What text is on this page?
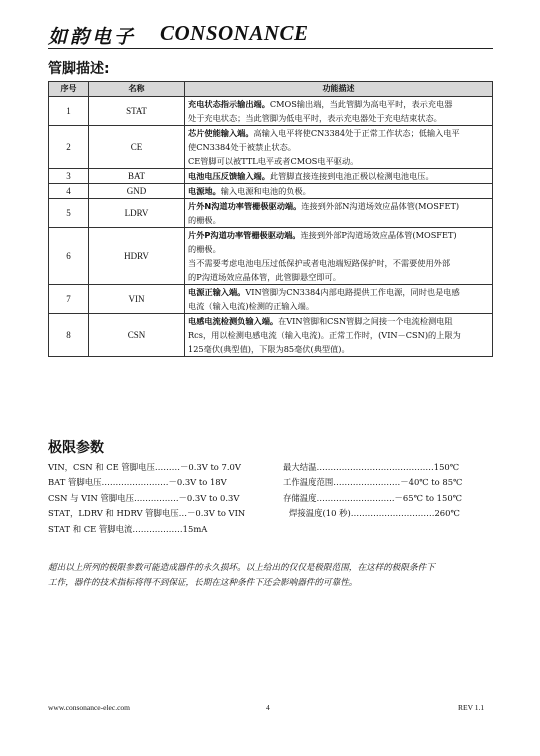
如韵电子 CONSONANCE
管脚描述:
序号	名称	功能描述
1	STAT	充电状态指示输出端。CMOS输出端，当此管脚为高电平时，表示充电器
处于充电状态；当此管脚为低电平时，表示充电器处于充电结束状态。

2	CE	芯片使能输入端。高输入电平将使CN3384处于正常工作状态；低输入电平
使CN3384处于被禁止状态。
CE管脚可以被TTL电平或者CMOS电平驱动。

3	BAT	电池电压反馈输入端。此管脚直接连接到电池正极以检测电池电压。

4	GND	电源地。输入电源和电池的负极。

5	LDRV	片外N沟道功率管栅极驱动端。连接到外部N沟道场效应晶体管(MOSFET)
的栅极。

6	HDRV	片外P沟道功率管栅极驱动端。连接到外部P沟道场效应晶体管(MOSFET)
的栅极。
当不需要考虑电池电压过低保护或者电池端短路保护时，不需要使用外部
的P沟道场效应晶体管，此管脚悬空即可。

7	VIN	电源正输入端。VIN管脚为CN3384内部电路提供工作电源，同时也是电感
电流（输入电流)检测的正输入端。

8	CSN	电感电流检测负输入端。在VIN管脚和CSN管脚之间接一个电流检测电阻
Rcs，用以检测电感电流（输入电流)。正常工作时，(VIN－CSN)的上限为
125毫伏(典型值)，下限为85毫伏(典型值)。
极限参数
VIN，CSN 和 CE 管脚电压………－0.3V to 7.0V
BAT 管脚电压……………………－0.3V to 18V
CSN 与 VIN 管脚电压…………….－0.3V to 0.3V
STAT，LDRV 和 HDRV 管脚电压…－0.3V to VIN
STAT 和 CE 管脚电流………………15mA
最大结温……………………………………150℃
工作温度范围……………………－40℃ to 85℃
存储温度……………………….－65℃ to 150℃
焊接温度(10 秒)…………………………260℃
超出以上所列的极限参数可能造成器件的永久损坏。以上给出的仅仅是极限范围，在这样的极限条件下
工作，器件的技术指标将得不到保证，长期在这种条件下还会影响器件的可靠性。
www.consonance-elec.com	4	REV 1.1
